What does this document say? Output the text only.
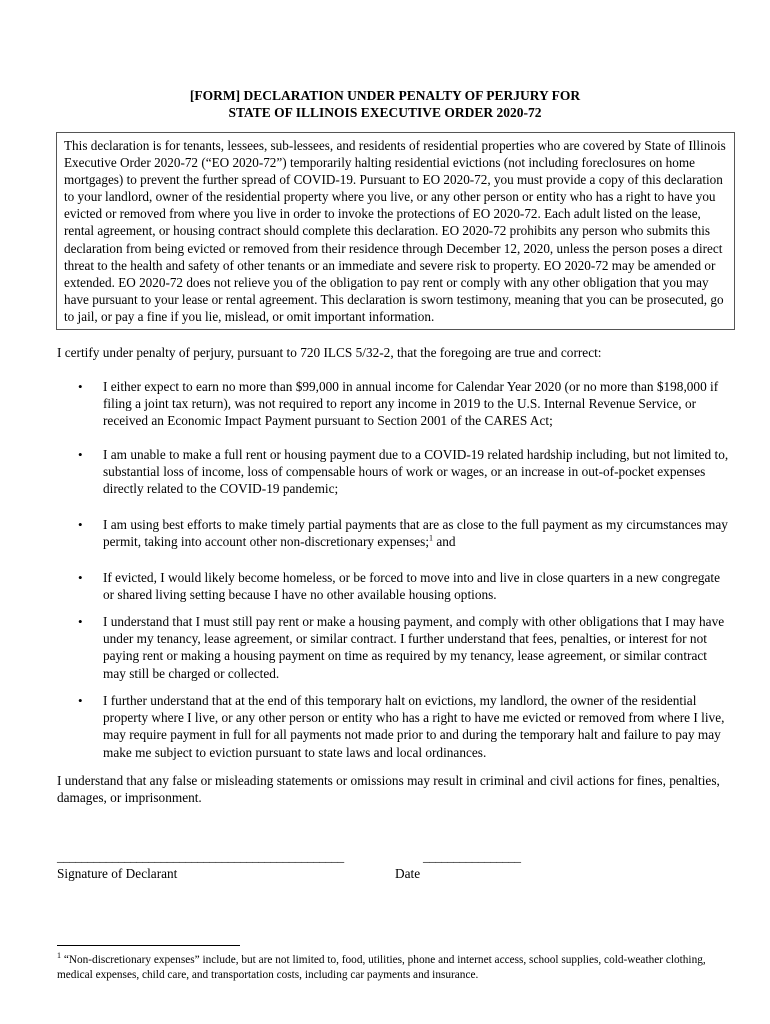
[FORM] DECLARATION UNDER PENALTY OF PERJURY FOR
STATE OF ILLINOIS EXECUTIVE ORDER 2020-72
This declaration is for tenants, lessees, sub-lessees, and residents of residential properties who are covered by State of Illinois Executive Order 2020-72 (“EO 2020-72”) temporarily halting residential evictions (not including foreclosures on home mortgages) to prevent the further spread of COVID-19. Pursuant to EO 2020-72, you must provide a copy of this declaration to your landlord, owner of the residential property where you live, or any other person or entity who has a right to have you evicted or removed from where you live in order to invoke the protections of EO 2020-72. Each adult listed on the lease, rental agreement, or housing contract should complete this declaration. EO 2020-72 prohibits any person who submits this declaration from being evicted or removed from their residence through December 12, 2020, unless the person poses a direct threat to the health and safety of other tenants or an immediate and severe risk to property. EO 2020-72 may be amended or extended. EO 2020-72 does not relieve you of the obligation to pay rent or comply with any other obligation that you may have pursuant to your lease or rental agreement. This declaration is sworn testimony, meaning that you can be prosecuted, go to jail, or pay a fine if you lie, mislead, or omit important information.
I certify under penalty of perjury, pursuant to 720 ILCS 5/32-2, that the foregoing are true and correct:
• I either expect to earn no more than $99,000 in annual income for Calendar Year 2020 (or no more than $198,000 if filing a joint tax return), was not required to report any income in 2019 to the U.S. Internal Revenue Service, or received an Economic Impact Payment pursuant to Section 2001 of the CARES Act;
• I am unable to make a full rent or housing payment due to a COVID-19 related hardship including, but not limited to, substantial loss of income, loss of compensable hours of work or wages, or an increase in out-of-pocket expenses directly related to the COVID-19 pandemic;
• I am using best efforts to make timely partial payments that are as close to the full payment as my circumstances may permit, taking into account other non-discretionary expenses;$^1$ and
• If evicted, I would likely become homeless, or be forced to move into and live in close quarters in a new congregate or shared living setting because I have no other available housing options.
• I understand that I must still pay rent or make a housing payment, and comply with other obligations that I may have under my tenancy, lease agreement, or similar contract. I further understand that fees, penalties, or interest for not paying rent or making a housing payment on time as required by my tenancy, lease agreement, or similar contract may still be charged or collected.
• I further understand that at the end of this temporary halt on evictions, my landlord, the owner of the residential property where I live, or any other person or entity who has a right to have me evicted or removed from where I live, may require payment in full for all payments not made prior to and during the temporary halt and failure to pay may make me subject to eviction pursuant to state laws and local ordinances.
I understand that any false or misleading statements or omissions may result in criminal and civil actions for fines, penalties, damages, or imprisonment.
_______________________________________________	________________
Signature of Declarant	Date
$^1$ “Non-discretionary expenses” include, but are not limited to, food, utilities, phone and internet access, school supplies, cold-weather clothing, medical expenses, child care, and transportation costs, including car payments and insurance.
